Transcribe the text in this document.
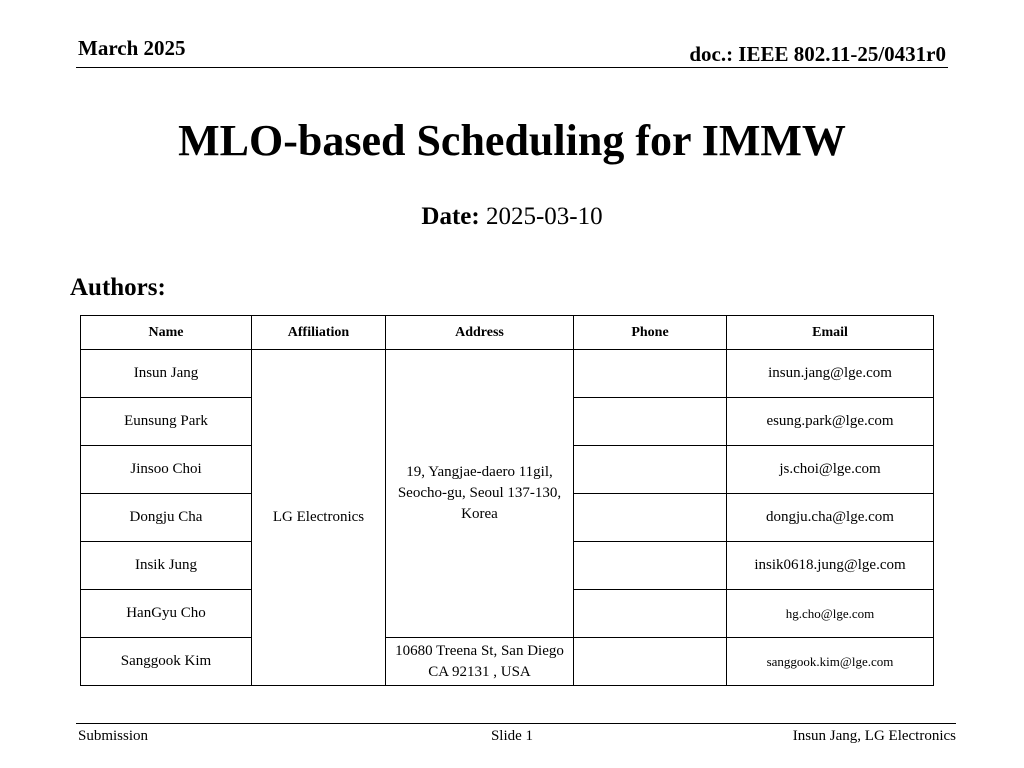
March 2025	doc.: IEEE 802.11-25/0431r0
MLO-based Scheduling for IMMW
Date: 2025-03-10
Authors:
Name	Affiliation	Address	Phone	Email
Insun Jang	LG Electronics	19, Yangjae-daero 11gil, Seocho-gu, Seoul 137-130, Korea		insun.jang@lge.com
Eunsung Park				esung.park@lge.com
Jinsoo Choi				js.choi@lge.com
Dongju Cha				dongju.cha@lge.com
Insik Jung				insik0618.jung@lge.com
HanGyu Cho				hg.cho@lge.com
Sanggook Kim		10680 Treena St, San Diego CA 92131 , USA		sanggook.kim@lge.com
Submission	Slide 1	Insun Jang, LG Electronics
